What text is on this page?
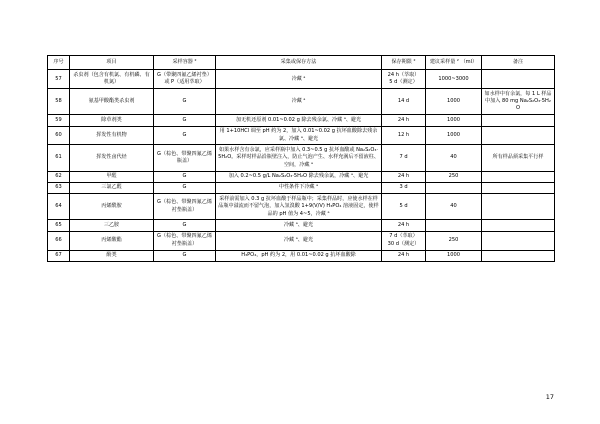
序号	项目	采样容器 ²	采集或保存方法	保存期限 ²	建议采样量 ² （ml）	备注
57	杀虫剂（包含有机氯、有机磷、有机氮）	G（带聚四氟乙烯衬垫）或 P（适用萃取）	冷藏 ᵃ	24 h（萃取）
5 d（测定）	1000~3000	
58	氨基甲酸酯类杀虫剂	G	冷藏 ᵃ	14 d	1000	如水样中有余氯，每 1 L 样品中加入 80 mg Na₂S₂O₃·5H₂O
59	除草剂类	G	加无机还原剂 0.01~0.02 g 除去残余氯、冷藏 ᵃ、避光	24 h	1000	
60	挥发性有机物	G	用 1+10HCl 调至 pH 约为 2，加入 0.01~0.02 g 抗坏血酸除去残余氯、冷藏 ᵃ、避光	12 h	1000	
61	挥发性卤代烃	G（棕色、带聚四氟乙烯瓶盖）	如果水样含有余氯，应采样瓶中加入 0.3~0.5 g 抗坏血酸或 Na₂S₂O₃·5H₂O。采样时样品沿瓶壁注入，防止气泡产生、水样充满后不留液柱、空间，冷藏 ᵃ	7 d	40	所有样品须采集平行样
62	甲醛	G	加入 0.2~0.5 g/L Na₂S₂O₃·5H₂O 除去残余氯，冷藏 ᵃ、避光	24 h	250	
63	三氯乙醛	G	中性条件下冷藏 ᵃ	3 d		
64	丙烯酰胺	G（棕色、带聚四氟乙烯衬垫瓶盖）	采样前需加入 0.3 g 抗坏血酸于样品瓶中；采集样品时，应使水样在样品瓶中溢流而不留气泡，加入氢溴酸 1+9(V/V) H₃PO₄ 溶液固定，使样品的 pH 值为 4~5，冷藏 ᵃ	5 d	40	
65	三乙胺	G	冷藏 ᵃ、避光	24 h		
66	丙烯酸酯	G（棕色、带聚四氟乙烯衬垫瓶盖）	冷藏 ᵃ、避光	7 d（萃取）
30 d（测定）	250	
67	酚类	G	H₃PO₄，pH 约为 2，用 0.01~0.02 g 抗坏血酸除	24 h	1000	
17
